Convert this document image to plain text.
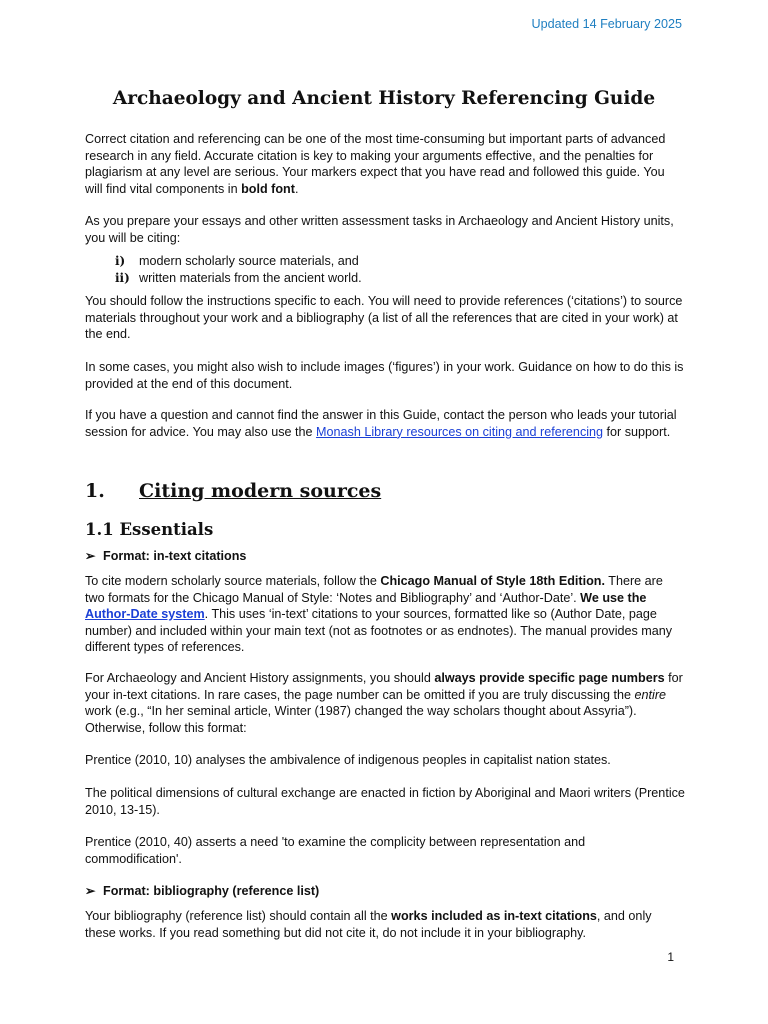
Updated 14 February 2025
Archaeology and Ancient History Referencing Guide

Correct citation and referencing can be one of the most time-consuming but important parts of advanced research in any field. Accurate citation is key to making your arguments effective, and the penalties for plagiarism at any level are serious. Your markers expect that you have read and followed this guide. You will find vital components in bold font.

As you prepare your essays and other written assessment tasks in Archaeology and Ancient History units, you will be citing:

i) modern scholarly source materials, and
ii) written materials from the ancient world.

You should follow the instructions specific to each. You will need to provide references (‘citations’) to source materials throughout your work and a bibliography (a list of all the references that are cited in your work) at the end.

In some cases, you might also wish to include images (‘figures’) in your work. Guidance on how to do this is provided at the end of this document.

If you have a question and cannot find the answer in this Guide, contact the person who leads your tutorial session for advice. You may also use the Monash Library resources on citing and referencing for support.

1. Citing modern sources
1.1 Essentials
➢ Format: in-text citations

To cite modern scholarly source materials, follow the Chicago Manual of Style 18th Edition. There are two formats for the Chicago Manual of Style: ‘Notes and Bibliography’ and ‘Author-Date’. We use the Author-Date system. This uses ‘in-text’ citations to your sources, formatted like so (Author Date, page number) and included within your main text (not as footnotes or as endnotes). The manual provides many different types of references.

For Archaeology and Ancient History assignments, you should always provide specific page numbers for your in-text citations. In rare cases, the page number can be omitted if you are truly discussing the entire work (e.g., “In her seminal article, Winter (1987) changed the way scholars thought about Assyria”). Otherwise, follow this format:

Prentice (2010, 10) analyses the ambivalence of indigenous peoples in capitalist nation states.

The political dimensions of cultural exchange are enacted in fiction by Aboriginal and Maori writers (Prentice 2010, 13-15).

Prentice (2010, 40) asserts a need 'to examine the complicity between representation and commodification'.

➢ Format: bibliography (reference list)

Your bibliography (reference list) should contain all the works included as in-text citations, and only these works. If you read something but did not cite it, do not include it in your bibliography.

1
